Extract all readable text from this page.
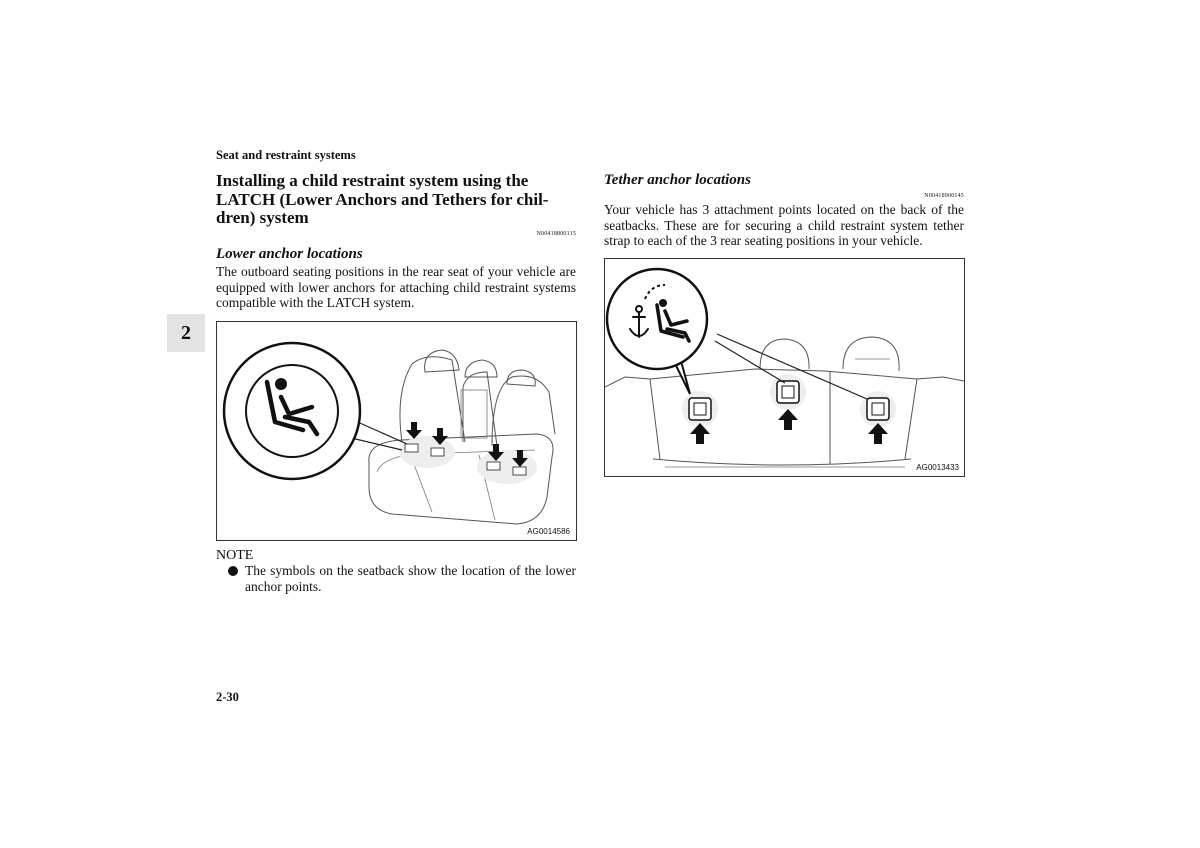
Seat and restraint systems
2
Installing a child restraint system using the LATCH (Lower Anchors and Tethers for chil-dren) system
N00418800115
Lower anchor locations
The outboard seating positions in the rear seat of your vehicle are equipped with lower anchors for attaching child restraint systems compatible with the LATCH system.
AG0014586
NOTE
The symbols on the seatback show the location of the lower anchor points.
Tether anchor locations
N00418900145
Your vehicle has 3 attachment points located on the back of the seatbacks. These are for securing a child restraint system tether strap to each of the 3 rear seating positions in your vehicle.
AG0013433
2-30
